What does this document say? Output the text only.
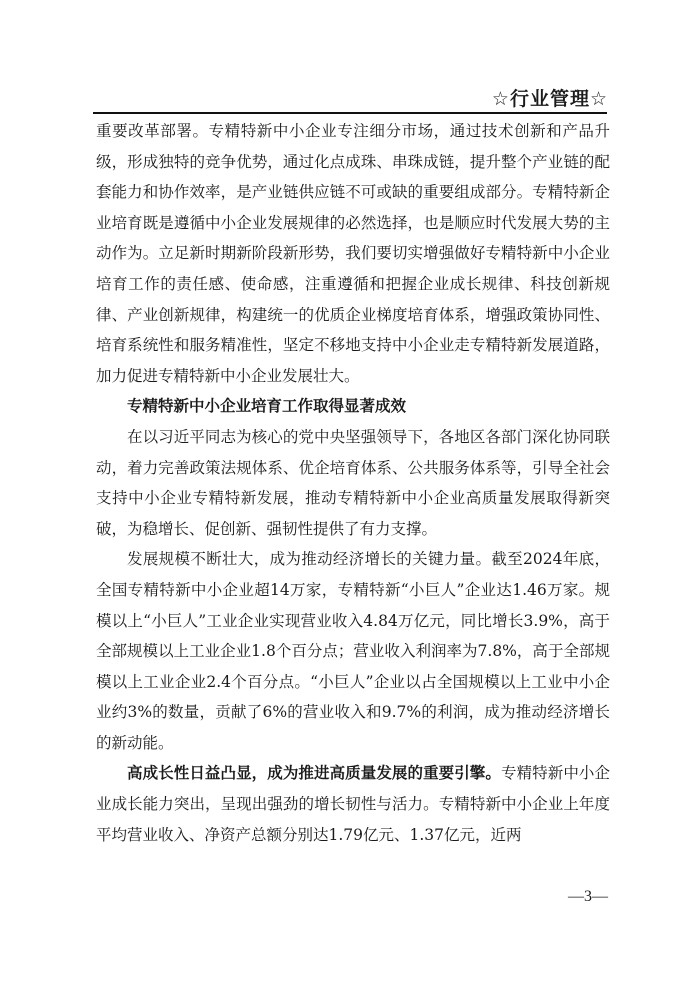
☆行业管理☆

重要改革部署。专精特新中小企业专注细分市场，通过技术创新和产品升级，形成独特的竞争优势，通过化点成珠、串珠成链，提升整个产业链的配套能力和协作效率，是产业链供应链不可或缺的重要组成部分。专精特新企业培育既是遵循中小企业发展规律的必然选择，也是顺应时代发展大势的主动作为。立足新时期新阶段新形势，我们要切实增强做好专精特新中小企业培育工作的责任感、使命感，注重遵循和把握企业成长规律、科技创新规律、产业创新规律，构建统一的优质企业梯度培育体系，增强政策协同性、培育系统性和服务精准性，坚定不移地支持中小企业走专精特新发展道路，加力促进专精特新中小企业发展壮大。

专精特新中小企业培育工作取得显著成效

在以习近平同志为核心的党中央坚强领导下，各地区各部门深化协同联动，着力完善政策法规体系、优企培育体系、公共服务体系等，引导全社会支持中小企业专精特新发展，推动专精特新中小企业高质量发展取得新突破，为稳增长、促创新、强韧性提供了有力支撑。

发展规模不断壮大，成为推动经济增长的关键力量。截至2024年底，全国专精特新中小企业超14万家，专精特新“小巨人”企业达1.46万家。规模以上“小巨人”工业企业实现营业收入4.84万亿元，同比增长3.9%，高于全部规模以上工业企业1.8个百分点；营业收入利润率为7.8%，高于全部规模以上工业企业2.4个百分点。“小巨人”企业以占全国规模以上工业中小企业约3%的数量，贡献了6%的营业收入和9.7%的利润，成为推动经济增长的新动能。

高成长性日益凸显，成为推进高质量发展的重要引擎。专精特新中小企业成长能力突出，呈现出强劲的增长韧性与活力。专精特新中小企业上年度平均营业收入、净资产总额分别达1.79亿元、1.37亿元，近两

—3—
